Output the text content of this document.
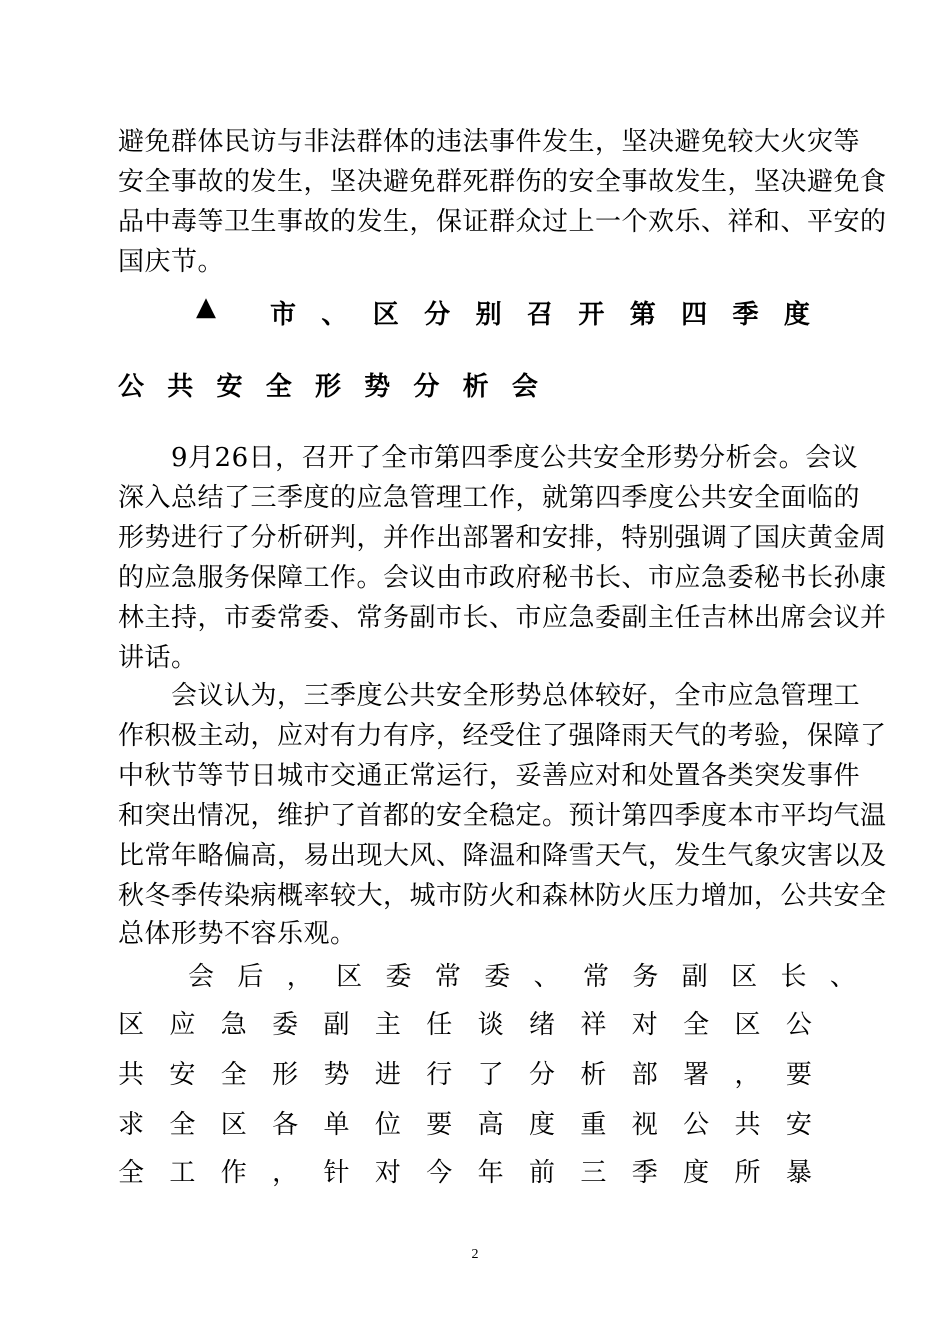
避免群体民访与非法群体的违法事件发生，坚决避免较大火灾等
安全事故的发生，坚决避免群死群伤的安全事故发生，坚决避免食
品中毒等卫生事故的发生，保证群众过上一个欢乐、祥和、平安的
国庆节。
▲ 市 、 区 分 别 召 开 第 四 季 度
公 共 安 全 形 势 分 析 会
　　9月26日，召开了全市第四季度公共安全形势分析会。会议
深入总结了三季度的应急管理工作，就第四季度公共安全面临的
形势进行了分析研判，并作出部署和安排，特别强调了国庆黄金周
的应急服务保障工作。会议由市政府秘书长、市应急委秘书长孙康
林主持，市委常委、常务副市长、市应急委副主任吉林出席会议并
讲话。
　　会议认为，三季度公共安全形势总体较好，全市应急管理工
作积极主动，应对有力有序，经受住了强降雨天气的考验，保障了
中秋节等节日城市交通正常运行，妥善应对和处置各类突发事件
和突出情况，维护了首都的安全稳定。预计第四季度本市平均气温
比常年略偏高，易出现大风、降温和降雪天气，发生气象灾害以及
秋冬季传染病概率较大，城市防火和森林防火压力增加，公共安全
总体形势不容乐观。
会 后 ， 区 委 常 委 、 常 务 副 区 长 、
区 应 急 委 副 主 任 谈 绪 祥 对 全 区 公
共 安 全 形 势 进 行 了 分 析 部 署 ， 要
求 全 区 各 单 位 要 高 度 重 视 公 共 安
全 工 作 ， 针 对 今 年 前 三 季 度 所 暴
2
